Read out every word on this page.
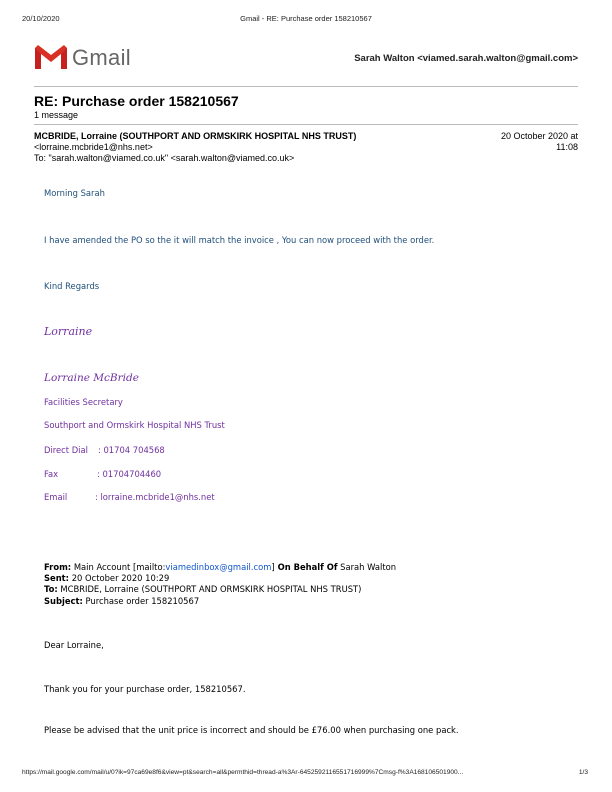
20/10/2020	Gmail - RE: Purchase order 158210567
Gmail	Sarah Walton <viamed.sarah.walton@gmail.com>
RE: Purchase order 158210567
1 message
MCBRIDE, Lorraine (SOUTHPORT AND ORMSKIRK HOSPITAL NHS TRUST)
<lorraine.mcbride1@nhs.net>
To: "sarah.walton@viamed.co.uk" <sarah.walton@viamed.co.uk>
20 October 2020 at
11:08
Morning Sarah
I have amended the PO so the it will match the invoice , You can now proceed with the order.
Kind Regards
Lorraine
Lorraine McBride
Facilities Secretary
Southport and Ormskirk Hospital NHS Trust
Direct Dial : 01704 704568
Fax	: 01704704460
Email	: lorraine.mcbride1@nhs.net
From: Main Account [mailto:viamedinbox@gmail.com] On Behalf Of Sarah Walton
Sent: 20 October 2020 10:29
To: MCBRIDE, Lorraine (SOUTHPORT AND ORMSKIRK HOSPITAL NHS TRUST)
Subject: Purchase order 158210567
Dear Lorraine,
Thank you for your purchase order, 158210567.
Please be advised that the unit price is incorrect and should be £76.00 when purchasing one pack.
https://mail.google.com/mail/u/0?ik=97ca69e8f6&view=pt&search=all&permthid=thread-a%3Ar-6452592116551716999%7Cmsg-f%3A168106501900...	1/3
